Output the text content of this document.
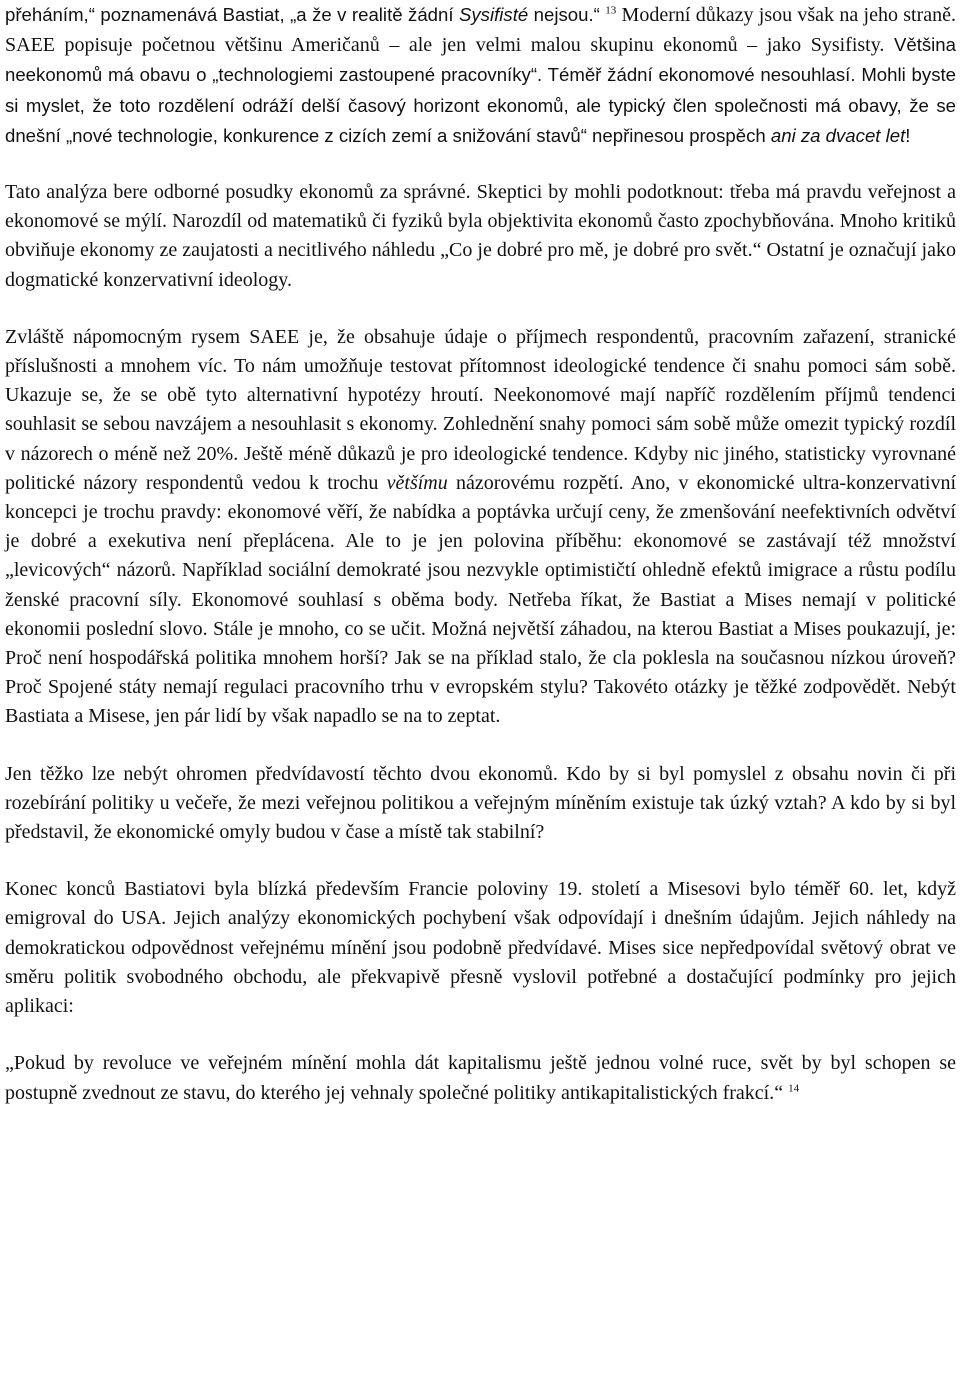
přeháním,“ poznamenává Bastiat, „a že v realitě žádní Sysifisté nejsou.“ $^{13}$ Moderní důkazy jsou však na jeho straně. SAEE popisuje početnou většinu Američanů – ale jen velmi malou skupinu ekonomů – jako Sysifisty. Většina neekonomů má obavu o „technologiemi zastoupené pracovníky“. Téměř žádní ekonomové nesouhlasí. Mohli byste si myslet, že toto rozdělení odráží delší časový horizont ekonomů, ale typický člen společnosti má obavy, že se dnešní „nové technologie, konkurence z cizích zemí a snižování stavů“ nepřinesou prospěch ani za dvacet let!

Tato analýza bere odborné posudky ekonomů za správné. Skeptici by mohli podotknout: třeba má pravdu veřejnost a ekonomové se mýlí. Narozdíl od matematiků či fyziků byla objektivita ekonomů často zpochybňována. Mnoho kritiků obviňuje ekonomy ze zaujatosti a necitlivého náhledu „Co je dobré pro mě, je dobré pro svět.“ Ostatní je označují jako dogmatické konzervativní ideology.

Zvláště nápomocným rysem SAEE je, že obsahuje údaje o příjmech respondentů, pracovním zařazení, stranické příslušnosti a mnohem víc. To nám umožňuje testovat přítomnost ideologické tendence či snahu pomoci sám sobě. Ukazuje se, že se obě tyto alternativní hypotézy hroutí. Neekonomové mají napříč rozdělením příjmů tendenci souhlasit se sebou navzájem a nesouhlasit s ekonomy. Zohlednění snahy pomoci sám sobě může omezit typický rozdíl v názorech o méně než 20%. Ještě méně důkazů je pro ideologické tendence. Kdyby nic jiného, statisticky vyrovnané politické názory respondentů vedou k trochu většímu názorovému rozpětí. Ano, v ekonomické ultra-konzervativní koncepci je trochu pravdy: ekonomové věří, že nabídka a poptávka určují ceny, že zmenšování neefektivních odvětví je dobré a exekutiva není přeplácena. Ale to je jen polovina příběhu: ekonomové se zastávají též množství „levicových“ názorů. Například sociální demokraté jsou nezvykle optimističtí ohledně efektů imigrace a růstu podílu ženské pracovní síly. Ekonomové souhlasí s oběma body. Netřeba říkat, že Bastiat a Mises nemají v politické ekonomii poslední slovo. Stále je mnoho, co se učit. Možná největší záhadou, na kterou Bastiat a Mises poukazují, je: Proč není hospodářská politika mnohem horší? Jak se na příklad stalo, že cla poklesla na současnou nízkou úroveň? Proč Spojené státy nemají regulaci pracovního trhu v evropském stylu? Takovéto otázky je těžké zodpovědět. Nebýt Bastiata a Misese, jen pár lidí by však napadlo se na to zeptat.

Jen těžko lze nebýt ohromen předvídavostí těchto dvou ekonomů. Kdo by si byl pomyslel z obsahu novin či při rozebírání politiky u večeře, že mezi veřejnou politikou a veřejným míněním existuje tak úzký vztah? A kdo by si byl představil, že ekonomické omyly budou v čase a místě tak stabilní?

Konec konců Bastiatovi byla blízká především Francie poloviny 19. století a Misesovi bylo téměř 60. let, když emigroval do USA. Jejich analýzy ekonomických pochybení však odpovídají i dnešním údajům. Jejich náhledy na demokratickou odpovědnost veřejnému mínění jsou podobně předvídavé. Mises sice nepředpovídal světový obrat ve směru politik svobodného obchodu, ale překvapivě přesně vyslovil potřebné a dostačující podmínky pro jejich aplikaci:

„Pokud by revoluce ve veřejném mínění mohla dát kapitalismu ještě jednou volné ruce, svět by byl schopen se postupně zvednout ze stavu, do kterého jej vehnaly společné politiky antikapitalistických frakcí.“ $^{14}$
